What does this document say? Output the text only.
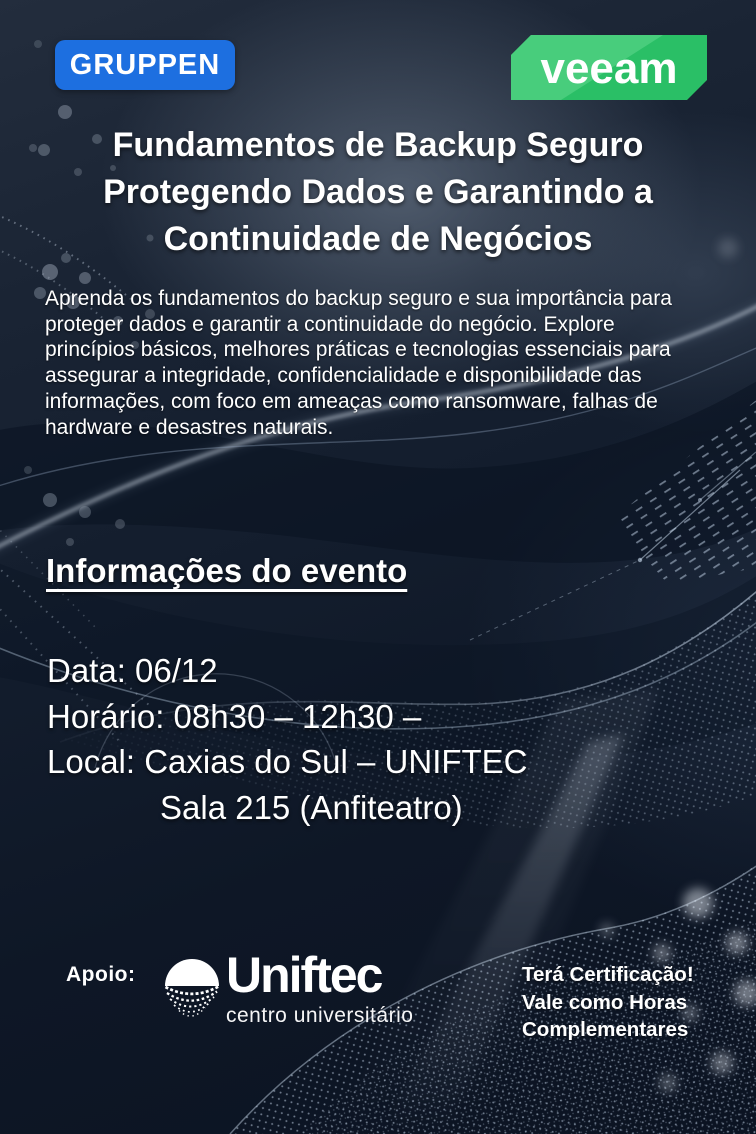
GRUPPEN	veeam
Fundamentos de Backup Seguro
Protegendo Dados e Garantindo a
Continuidade de Negócios

Aprenda os fundamentos do backup seguro e sua importância para proteger dados e garantir a continuidade do negócio. Explore princípios básicos, melhores práticas e tecnologias essenciais para assegurar a integridade, confidencialidade e disponibilidade das informações, com foco em ameaças como ransomware, falhas de hardware e desastres naturais.

Informações do evento
Data: 06/12
Horário: 08h30 – 12h30 –
Local: Caxias do Sul – UNIFTEC
Sala 215 (Anfiteatro)
Apoio: Uniftec
centro universitário
Terá Certificação!
Vale como Horas
Complementares
